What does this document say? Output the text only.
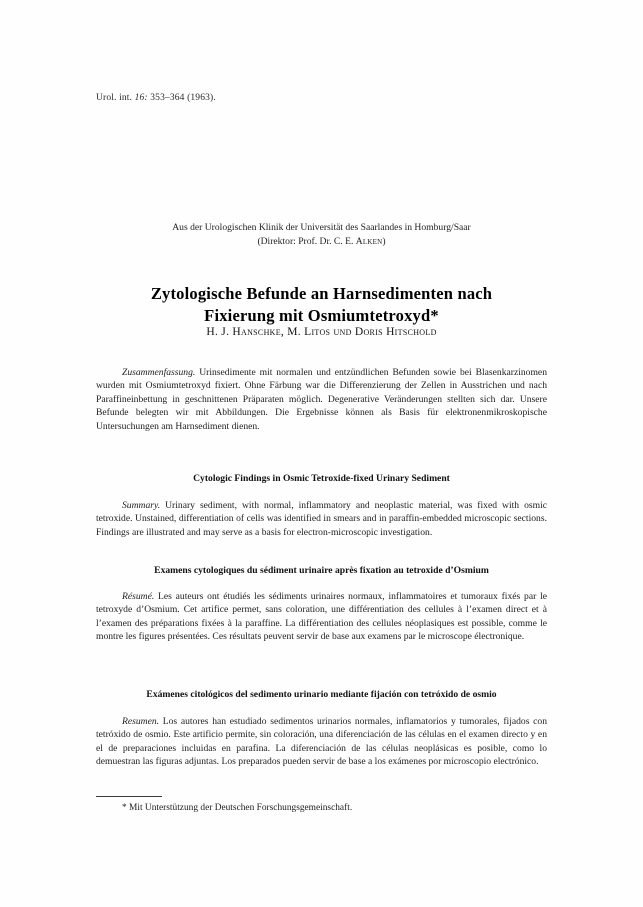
Urol. int. 16: 353–364 (1963).
Aus der Urologischen Klinik der Universität des Saarlandes in Homburg/Saar
(Direktor: Prof. Dr. C. E. Alken)
Zytologische Befunde an Harnsedimenten nach
Fixierung mit Osmiumtetroxyd*
H. J. Hanschke, M. Litos und Doris Hitschold

Zusammenfassung. Urinsedimente mit normalen und entzündlichen Befunden sowie bei Blasenkarzinomen wurden mit Osmiumtetroxyd fixiert. Ohne Färbung war die Differenzierung der Zellen in Ausstrichen und nach Paraffineinbettung in geschnittenen Präparaten möglich. Degenerative Veränderungen stellten sich dar. Unsere Befunde belegten wir mit Abbildungen. Die Ergebnisse können als Basis für elektronenmikroskopische Untersuchungen am Harnsediment dienen.

Cytologic Findings in Osmic Tetroxide-fixed Urinary Sediment

Summary. Urinary sediment, with normal, inflammatory and neoplastic material, was fixed with osmic tetroxide. Unstained, differentiation of cells was identified in smears and in paraffin-embedded microscopic sections. Findings are illustrated and may serve as a basis for electron-microscopic investigation.

Examens cytologiques du sédiment urinaire après fixation au tetroxide d’Osmium

Résumé. Les auteurs ont étudiés les sédiments urinaires normaux, inflammatoires et tumoraux fixés par le tetroxyde d’Osmium. Cet artifice permet, sans coloration, une différentiation des cellules à l’examen direct et à l’examen des préparations fixées à la paraffine. La différentiation des cellules néoplasiques est possible, comme le montre les figures présentées. Ces résultats peuvent servir de base aux examens par le microscope électronique.

Exámenes citológicos del sedimento urinario mediante fijación con tetróxido de osmio

Resumen. Los autores han estudiado sedimentos urinarios normales, inflamatorios y tumorales, fijados con tetróxido de osmio. Este artificio permite, sin coloración, una diferenciación de las células en el examen directo y en el de preparaciones incluidas en parafina. La diferenciación de las células neoplásicas es posible, como lo demuestran las figuras adjuntas. Los preparados pueden servir de base a los exámenes por microscopio electrónico.

* Mit Unterstützung der Deutschen Forschungsgemeinschaft.
